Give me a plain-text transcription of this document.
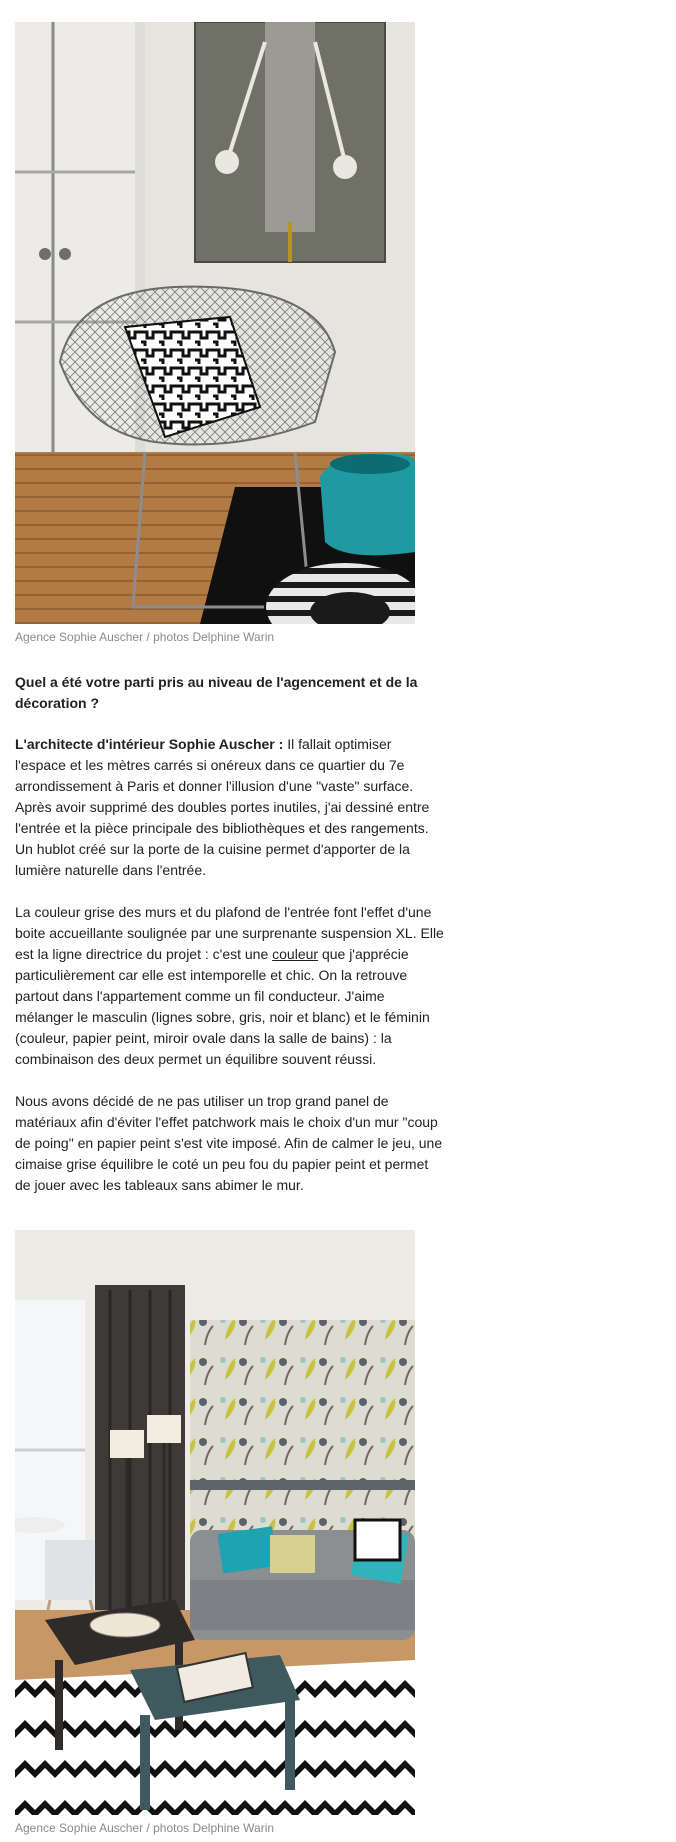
Agence Sophie Auscher / photos Delphine Warin

Quel a été votre parti pris au niveau de l'agencement et de la décoration ?

L'architecte d'intérieur Sophie Auscher : Il fallait optimiser l'espace et les mètres carrés si onéreux dans ce quartier du 7e arrondissement à Paris et donner l'illusion d'une "vaste" surface. Après avoir supprimé des doubles portes inutiles, j'ai dessiné entre l'entrée et la pièce principale des bibliothèques et des rangements. Un hublot créé sur la porte de la cuisine permet d'apporter de la lumière naturelle dans l'entrée.

La couleur grise des murs et du plafond de l'entrée font l'effet d'une boite accueillante soulignée par une surprenante suspension XL. Elle est la ligne directrice du projet : c'est une couleur que j'apprécie particulièrement car elle est intemporelle et chic. On la retrouve partout dans l'appartement comme un fil conducteur. J'aime mélanger le masculin (lignes sobre, gris, noir et blanc) et le féminin (couleur, papier peint, miroir ovale dans la salle de bains) : la combinaison des deux permet un équilibre souvent réussi.

Nous avons décidé de ne pas utiliser un trop grand panel de matériaux afin d'éviter l'effet patchwork mais le choix d'un mur "coup de poing" en papier peint s'est vite imposé. Afin de calmer le jeu, une cimaise grise équilibre le coté un peu fou du papier peint et permet de jouer avec les tableaux sans abimer le mur.

Agence Sophie Auscher / photos Delphine Warin
